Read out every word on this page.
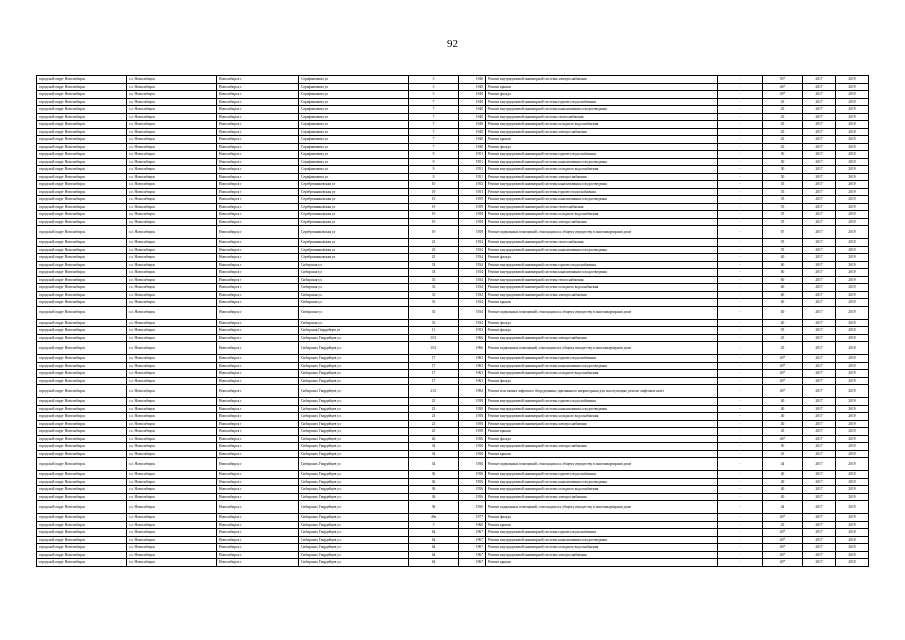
92
городской округ Новосибирск	г.о. Новосибирск	Новосибирск г	Серафимовича ул	5	1940	Ремонт внутридомовой инженерной системы электроснабжения	-	50*	2017	2019
городской округ Новосибирск	г.о. Новосибирск	Новосибирск г	Серафимовича ул	5	1940	Ремонт крыши	-	46*	2017	2019
городской округ Новосибирск	г.о. Новосибирск	Новосибирск г	Серафимовича ул	5	1940	Ремонт фасада	-	49*	2017	2019
городской округ Новосибирск	г.о. Новосибирск	Новосибирск г	Серафимовича ул	7	1940	Ремонт внутридомовой инженерной системы горячего водоснабжения	-	45	2017	2019
городской округ Новосибирск	г.о. Новосибирск	Новосибирск г	Серафимовича ул	7	1940	Ремонт внутридомовой инженерной системы канализования и водоотведения	-	45	2017	2019
городской округ Новосибирск	г.о. Новосибирск	Новосибирск г	Серафимовича ул	7	1940	Ремонт внутридомовой инженерной системы теплоснабжения	-	45	2017	2019
городской округ Новосибирск	г.о. Новосибирск	Новосибирск г	Серафимовича ул	7	1940	Ремонт внутридомовой инженерной системы холодного водоснабжения	-	45	2017	2019
городской округ Новосибирск	г.о. Новосибирск	Новосибирск г	Серафимовича ул	7	1940	Ремонт внутридомовой инженерной системы электроснабжения	-	45	2017	2019
городской округ Новосибирск	г.о. Новосибирск	Новосибирск г	Серафимовича ул	7	1940	Ремонт крыши	-	45	2017	2019
городской округ Новосибирск	г.о. Новосибирск	Новосибирск г	Серафимовича ул	7	1940	Ремонт фасада	-	45	2017	2019
городской округ Новосибирск	г.о. Новосибирск	Новосибирск г	Серафимовича ул	9	1951	Ремонт внутридомовой инженерной системы горячего водоснабжения	-	50	2017	2019
городской округ Новосибирск	г.о. Новосибирск	Новосибирск г	Серафимовича ул	9	1951	Ремонт внутридомовой инженерной системы канализования и водоотведения	-	50	2017	2019
городской округ Новосибирск	г.о. Новосибирск	Новосибирск г	Серафимовича ул	9	1951	Ремонт внутридомовой инженерной системы холодного водоснабжения	-	50	2017	2019
городской округ Новосибирск	г.о. Новосибирск	Новосибирск г	Серафимовича ул	9	1951	Ремонт внутридомовой инженерной системы электроснабжения	-	50	2017	2019
городской округ Новосибирск	г.о. Новосибирск	Новосибирск г	Серебренниковская ул	10	1952	Ремонт внутридомовой инженерной системы канализования и водоотведения	-	55	2017	2019
городской округ Новосибирск	г.о. Новосибирск	Новосибирск г	Серебренниковская ул	19	1953	Ремонт внутридомовой инженерной системы горячего водоснабжения	-	55	2017	2019
городской округ Новосибирск	г.о. Новосибирск	Новосибирск г	Серебренниковская ул	19	1959	Ремонт внутридомовой инженерной системы канализования и водоотведения	-	55	2017	2019
городской округ Новосибирск	г.о. Новосибирск	Новосибирск г	Серебренниковская ул	19	1959	Ремонт внутридомовой инженерной системы теплоснабжения	-	55	2017	2019
городской округ Новосибирск	г.о. Новосибирск	Новосибирск г	Серебренниковская ул	19	1959	Ремонт внутридомовой инженерной системы холодного водоснабжения	-	55	2017	2019
городской округ Новосибирск	г.о. Новосибирск	Новосибирск г	Серебренниковская ул	19	1959	Ремонт внутридомовой инженерной системы электроснабжения	-	55	2017	2019
городской округ Новосибирск	г.о. Новосибирск	Новосибирск г	Серебренниковская ул	19	1959	Ремонт подвальных помещений, относящихся к общему имуществу в многоквартирном доме	-	67	2017	2019
городской округ Новосибирск	г.о. Новосибирск	Новосибирск г	Серебренниковская ул	23	1934	Ремонт внутридомовой инженерной системы теплоснабжения	-	55	2017	2019
городской округ Новосибирск	г.о. Новосибирск	Новосибирск г	Серебренниковская ул	23	1934	Ремонт внутридомовой инженерной системы канализования и водоотведения	-	55	2017	2019
городской округ Новосибирск	г.о. Новосибирск	Новосибирск г	Серебренниковская ул	23	1934	Ремонт фасада	-	40	2017	2019
городской округ Новосибирск	г.о. Новосибирск	Новосибирск г	Сибирская ул	33	1934	Ремонт внутридомовой инженерной системы горячего водоснабжения	-	60	2017	2019
городской округ Новосибирск	г.о. Новосибирск	Новосибирск г	Сибирская ул	33	1934	Ремонт внутридомовой инженерной системы канализования и водоотведения	-	60	2017	2019
городской округ Новосибирск	г.о. Новосибирск	Новосибирск г	Сибирская ул	33	1934	Ремонт внутридомовой инженерной системы теплоснабжения	-	60	2017	2019
городской округ Новосибирск	г.о. Новосибирск	Новосибирск г	Сибирская ул	33	1934	Ремонт внутридомовой инженерной системы холодного водоснабжения	-	60	2017	2019
городской округ Новосибирск	г.о. Новосибирск	Новосибирск г	Сибирская ул	33	1934	Ремонт внутридомовой инженерной системы электроснабжения	-	60	2017	2019
городской округ Новосибирск	г.о. Новосибирск	Новосибирск г	Сибирская ул	33	1934	Ремонт крыши	-	40	2017	2019
городской округ Новосибирск	г.о. Новосибирск	Новосибирск г	Сибирская ул	33	1934	Ремонт подвальных помещений, относящихся к общему имуществу в многоквартирном доме	-	40	2017	2019
городской округ Новосибирск	г.о. Новосибирск	Новосибирск г	Сибирская ул	33	1934	Ремонт фасада	-	40	2017	2019
городской округ Новосибирск	г.о. Новосибирск	Новосибирск г	Сибирская Гвардейцев ул	11	1953	Ремонт фасада	-	55	2017	2019
городской округ Новосибирск	г.о. Новосибирск	Новосибирск г	Сибирских Гвардейцев ул	15/1	1966	Ремонт внутридомовой инженерной системы электроснабжения	-	45	2017	2019
городской округ Новосибирск	г.о. Новосибирск	Новосибирск г	Сибирских Гвардейцев ул	15/1	1966	Ремонт подвальных помещений, относящихся к общему имуществу в многоквартирном доме	-	45	2017	2019
городской округ Новосибирск	г.о. Новосибирск	Новосибирск г	Сибирских Гвардейцев ул	17	1963	Ремонт внутридомовой инженерной системы горячего водоснабжения	-	40*	2017	2019
городской округ Новосибирск	г.о. Новосибирск	Новосибирск г	Сибирских Гвардейцев ул	17	1963	Ремонт внутридомовой инженерной системы канализования и водоотведения	-	40*	2017	2019
городской округ Новосибирск	г.о. Новосибирск	Новосибирск г	Сибирских Гвардейцев ул	17	1963	Ремонт внутридомовой инженерной системы холодного водоснабжения	-	40*	2017	2019
городской округ Новосибирск	г.о. Новосибирск	Новосибирск г	Сибирских Гвардейцев ул	17	1963	Ремонт фасада	-	40*	2017	2019
городской округ Новосибирск	г.о. Новосибирск	Новосибирск г	Сибирских Гвардейцев ул	21/1	1984	Ремонт или замена лифтового оборудования, признанного непригодным для эксплуатации, ремонт лифтовых шахт	-	40*	2017	2019
городской округ Новосибирск	г.о. Новосибирск	Новосибирск г	Сибирских Гвардейцев ул	23	1958	Ремонт внутридомовой инженерной системы горячего водоснабжения	-	40	2017	2019
городской округ Новосибирск	г.о. Новосибирск	Новосибирск г	Сибирских Гвардейцев ул	23	1958	Ремонт внутридомовой инженерной системы канализования и водоотведения	-	40	2017	2019
городской округ Новосибирск	г.о. Новосибирск	Новосибирск г	Сибирских Гвардейцев ул	23	1958	Ремонт внутридомовой инженерной системы холодного водоснабжения	-	40	2017	2019
городской округ Новосибирск	г.о. Новосибирск	Новосибирск г	Сибирских Гвардейцев ул	23	1958	Ремонт внутридомовой инженерной системы электроснабжения	-	40	2017	2019
городской округ Новосибирск	г.о. Новосибирск	Новосибирск г	Сибирских Гвардейцев ул	23	1958	Ремонт крыши	-	45	2017	2019
городской округ Новосибирск	г.о. Новосибирск	Новосибирск г	Сибирских Гвардейцев ул	26	1956	Ремонт фасада	-	46*	2017	2019
городской округ Новосибирск	г.о. Новосибирск	Новосибирск г	Сибирских Гвардейцев ул	34	1956	Ремонт внутридомовой инженерной системы электроснабжения	-	50	2017	2019
городской округ Новосибирск	г.о. Новосибирск	Новосибирск г	Сибирских Гвардейцев ул	34	1956	Ремонт крыши	-	45	2017	2019
городской округ Новосибирск	г.о. Новосибирск	Новосибирск г	Сибирских Гвардейцев ул	34	1956	Ремонт подвальных помещений, относящихся к общему имуществу в многоквартирном доме	-	44	2017	2019
городской округ Новосибирск	г.о. Новосибирск	Новосибирск г	Сибирских Гвардейцев ул	36	1956	Ремонт внутридомовой инженерной системы горячего водоснабжения	-	40	2017	2019
городской округ Новосибирск	г.о. Новосибирск	Новосибирск г	Сибирских Гвардейцев ул	36	1956	Ремонт внутридомовой инженерной системы канализования и водоотведения	-	40	2017	2019
городской округ Новосибирск	г.о. Новосибирск	Новосибирск г	Сибирских Гвардейцев ул	36	1956	Ремонт внутридомовой инженерной системы холодного водоснабжения	-	40	2017	2019
городской округ Новосибирск	г.о. Новосибирск	Новосибирск г	Сибирских Гвардейцев ул	36	1956	Ремонт внутридомовой инженерной системы электроснабжения	-	40	2017	2019
городской округ Новосибирск	г.о. Новосибирск	Новосибирск г	Сибирских Гвардейцев ул	36	1956	Ремонт подвальных помещений, относящихся к общему имуществу в многоквартирном доме	-	44	2017	2019
городской округ Новосибирск	г.о. Новосибирск	Новосибирск г	Сибирских Гвардейцев ул	49а	1977	Ремонт фасада	-	40*	2017	2019
городской округ Новосибирск	г.о. Новосибирск	Новосибирск г	Сибирских Гвардейцев ул	5	1960	Ремонт крыши	-	45	2017	2019
городской округ Новосибирск	г.о. Новосибирск	Новосибирск г	Сибирских Гвардейцев ул	64	1967	Ремонт внутридомовой инженерной системы горячего водоснабжения	-	40*	2017	2019
городской округ Новосибирск	г.о. Новосибирск	Новосибирск г	Сибирских Гвардейцев ул	64	1967	Ремонт внутридомовой инженерной системы канализования и водоотведения	-	40*	2017	2019
городской округ Новосибирск	г.о. Новосибирск	Новосибирск г	Сибирских Гвардейцев ул	64	1967	Ремонт внутридомовой инженерной системы холодного водоснабжения	-	40*	2017	2019
городской округ Новосибирск	г.о. Новосибирск	Новосибирск г	Сибирских Гвардейцев ул	64	1967	Ремонт внутридомовой инженерной системы электроснабжения	-	40*	2017	2019
городской округ Новосибирск	г.о. Новосибирск	Новосибирск г	Сибирских Гвардейцев ул	64	1967	Ремонт крыши	-	40*	2017	2019
